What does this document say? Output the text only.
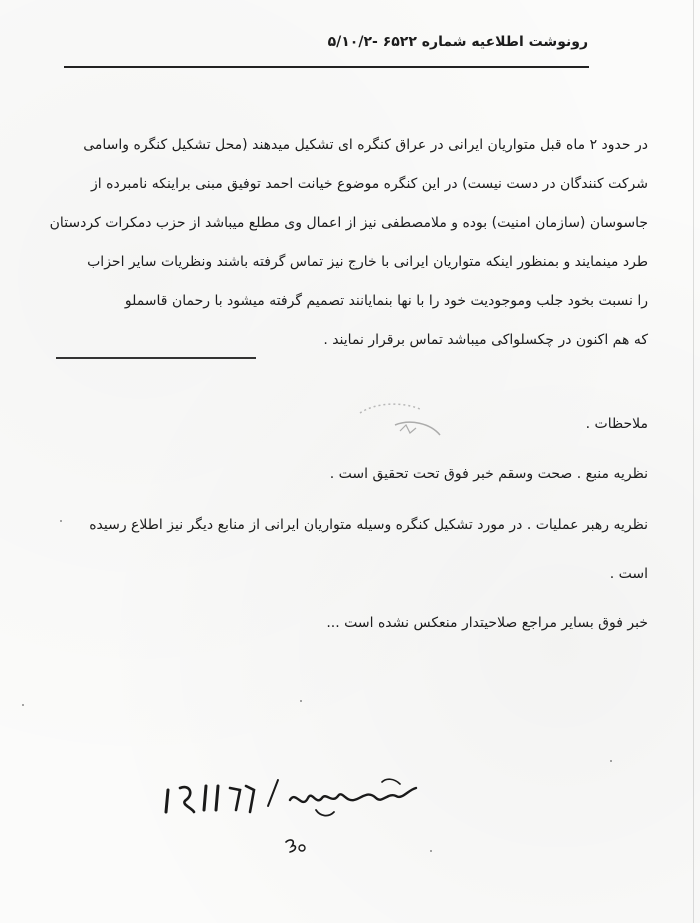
رونوشت اطلاعیه شماره ۶۵۲۲ -۵/۱۰/۲

در حدود ۲ ماه قبل متواریان ایرانی در عراق کنگره ای تشکیل میدهند (محل تشکیل کنگره واسامی

شرکت کنندگان در دست نیست) در این کنگره موضوع خیانت احمد توفیق مبنی براینکه نامبرده از

جاسوسان (سازمان امنیت) بوده و ملامصطفی نیز از اعمال وی مطلع میباشد از حزب دمکرات کردستان

طرد مینمایند و بمنظور اینکه متواریان ایرانی با خارج نیز تماس گرفته باشند ونظریات سایر احزاب

را نسبت بخود جلب وموجودیت خود را با نها بنمایانند تصمیم گرفته میشود با رحمان قاسملو

که هم اکنون در چکسلواکی میباشد تماس برقرار نمایند .

ملاحظات .
نظریه منبع . صحت وسقم خبر فوق تحت تحقیق است .
نظریه رهبر عملیات . در مورد تشکیل کنگره وسیله متواریان ایرانی از منابع دیگر نیز اطلاع رسیده
است .
خبر فوق بسایر مراجع صلاحیتدار منعکس نشده است ...
